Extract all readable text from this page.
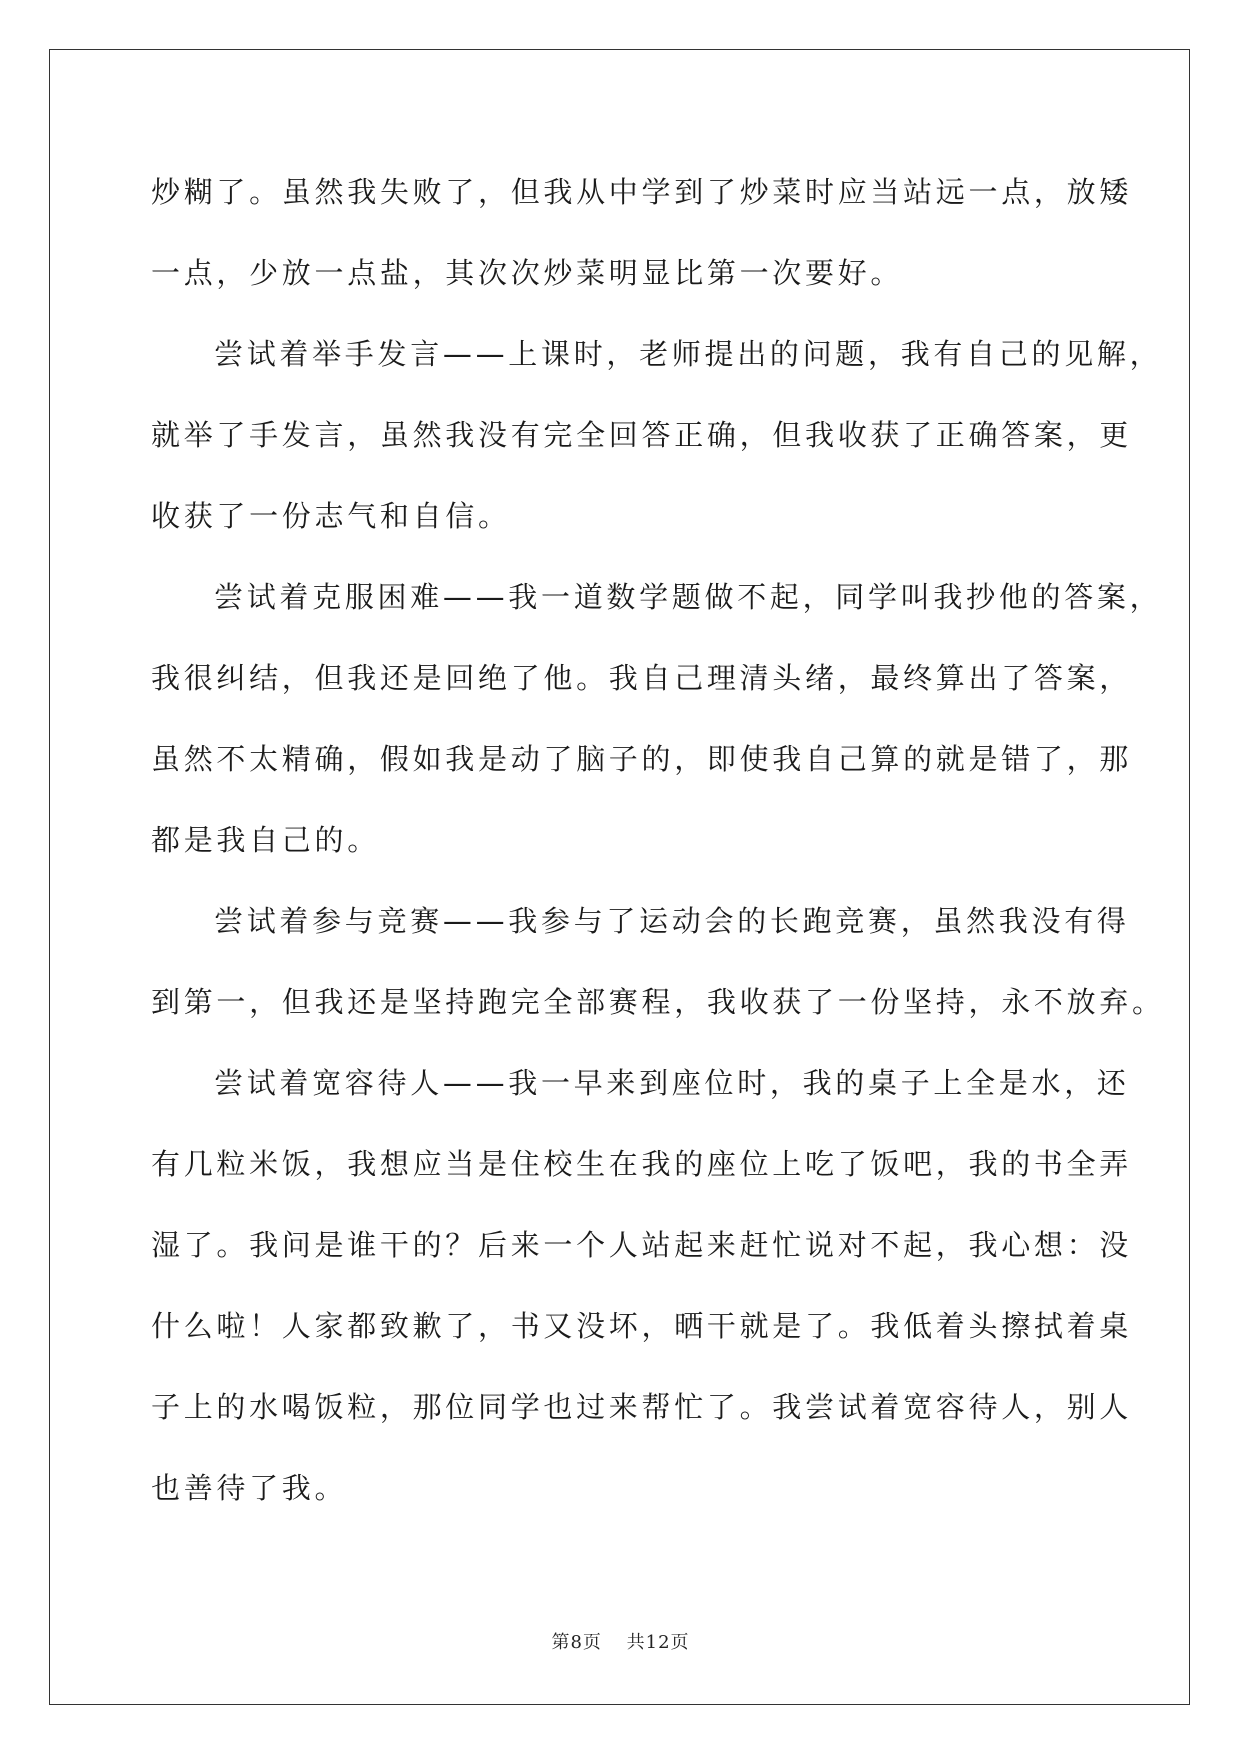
炒糊了。虽然我失败了，但我从中学到了炒菜时应当站远一点，放矮
一点，少放一点盐，其次次炒菜明显比第一次要好。
尝试着举手发言——上课时，老师提出的问题，我有自己的见解，
就举了手发言，虽然我没有完全回答正确，但我收获了正确答案，更
收获了一份志气和自信。
尝试着克服困难——我一道数学题做不起，同学叫我抄他的答案，
我很纠结，但我还是回绝了他。我自己理清头绪，最终算出了答案，
虽然不太精确，假如我是动了脑子的，即使我自己算的就是错了，那
都是我自己的。
尝试着参与竞赛——我参与了运动会的长跑竞赛，虽然我没有得
到第一，但我还是坚持跑完全部赛程，我收获了一份坚持，永不放弃。
尝试着宽容待人——我一早来到座位时，我的桌子上全是水，还
有几粒米饭，我想应当是住校生在我的座位上吃了饭吧，我的书全弄
湿了。我问是谁干的？后来一个人站起来赶忙说对不起，我心想：没
什么啦！人家都致歉了，书又没坏，晒干就是了。我低着头擦拭着桌
子上的水喝饭粒，那位同学也过来帮忙了。我尝试着宽容待人，别人
也善待了我。
第8页 共12页
